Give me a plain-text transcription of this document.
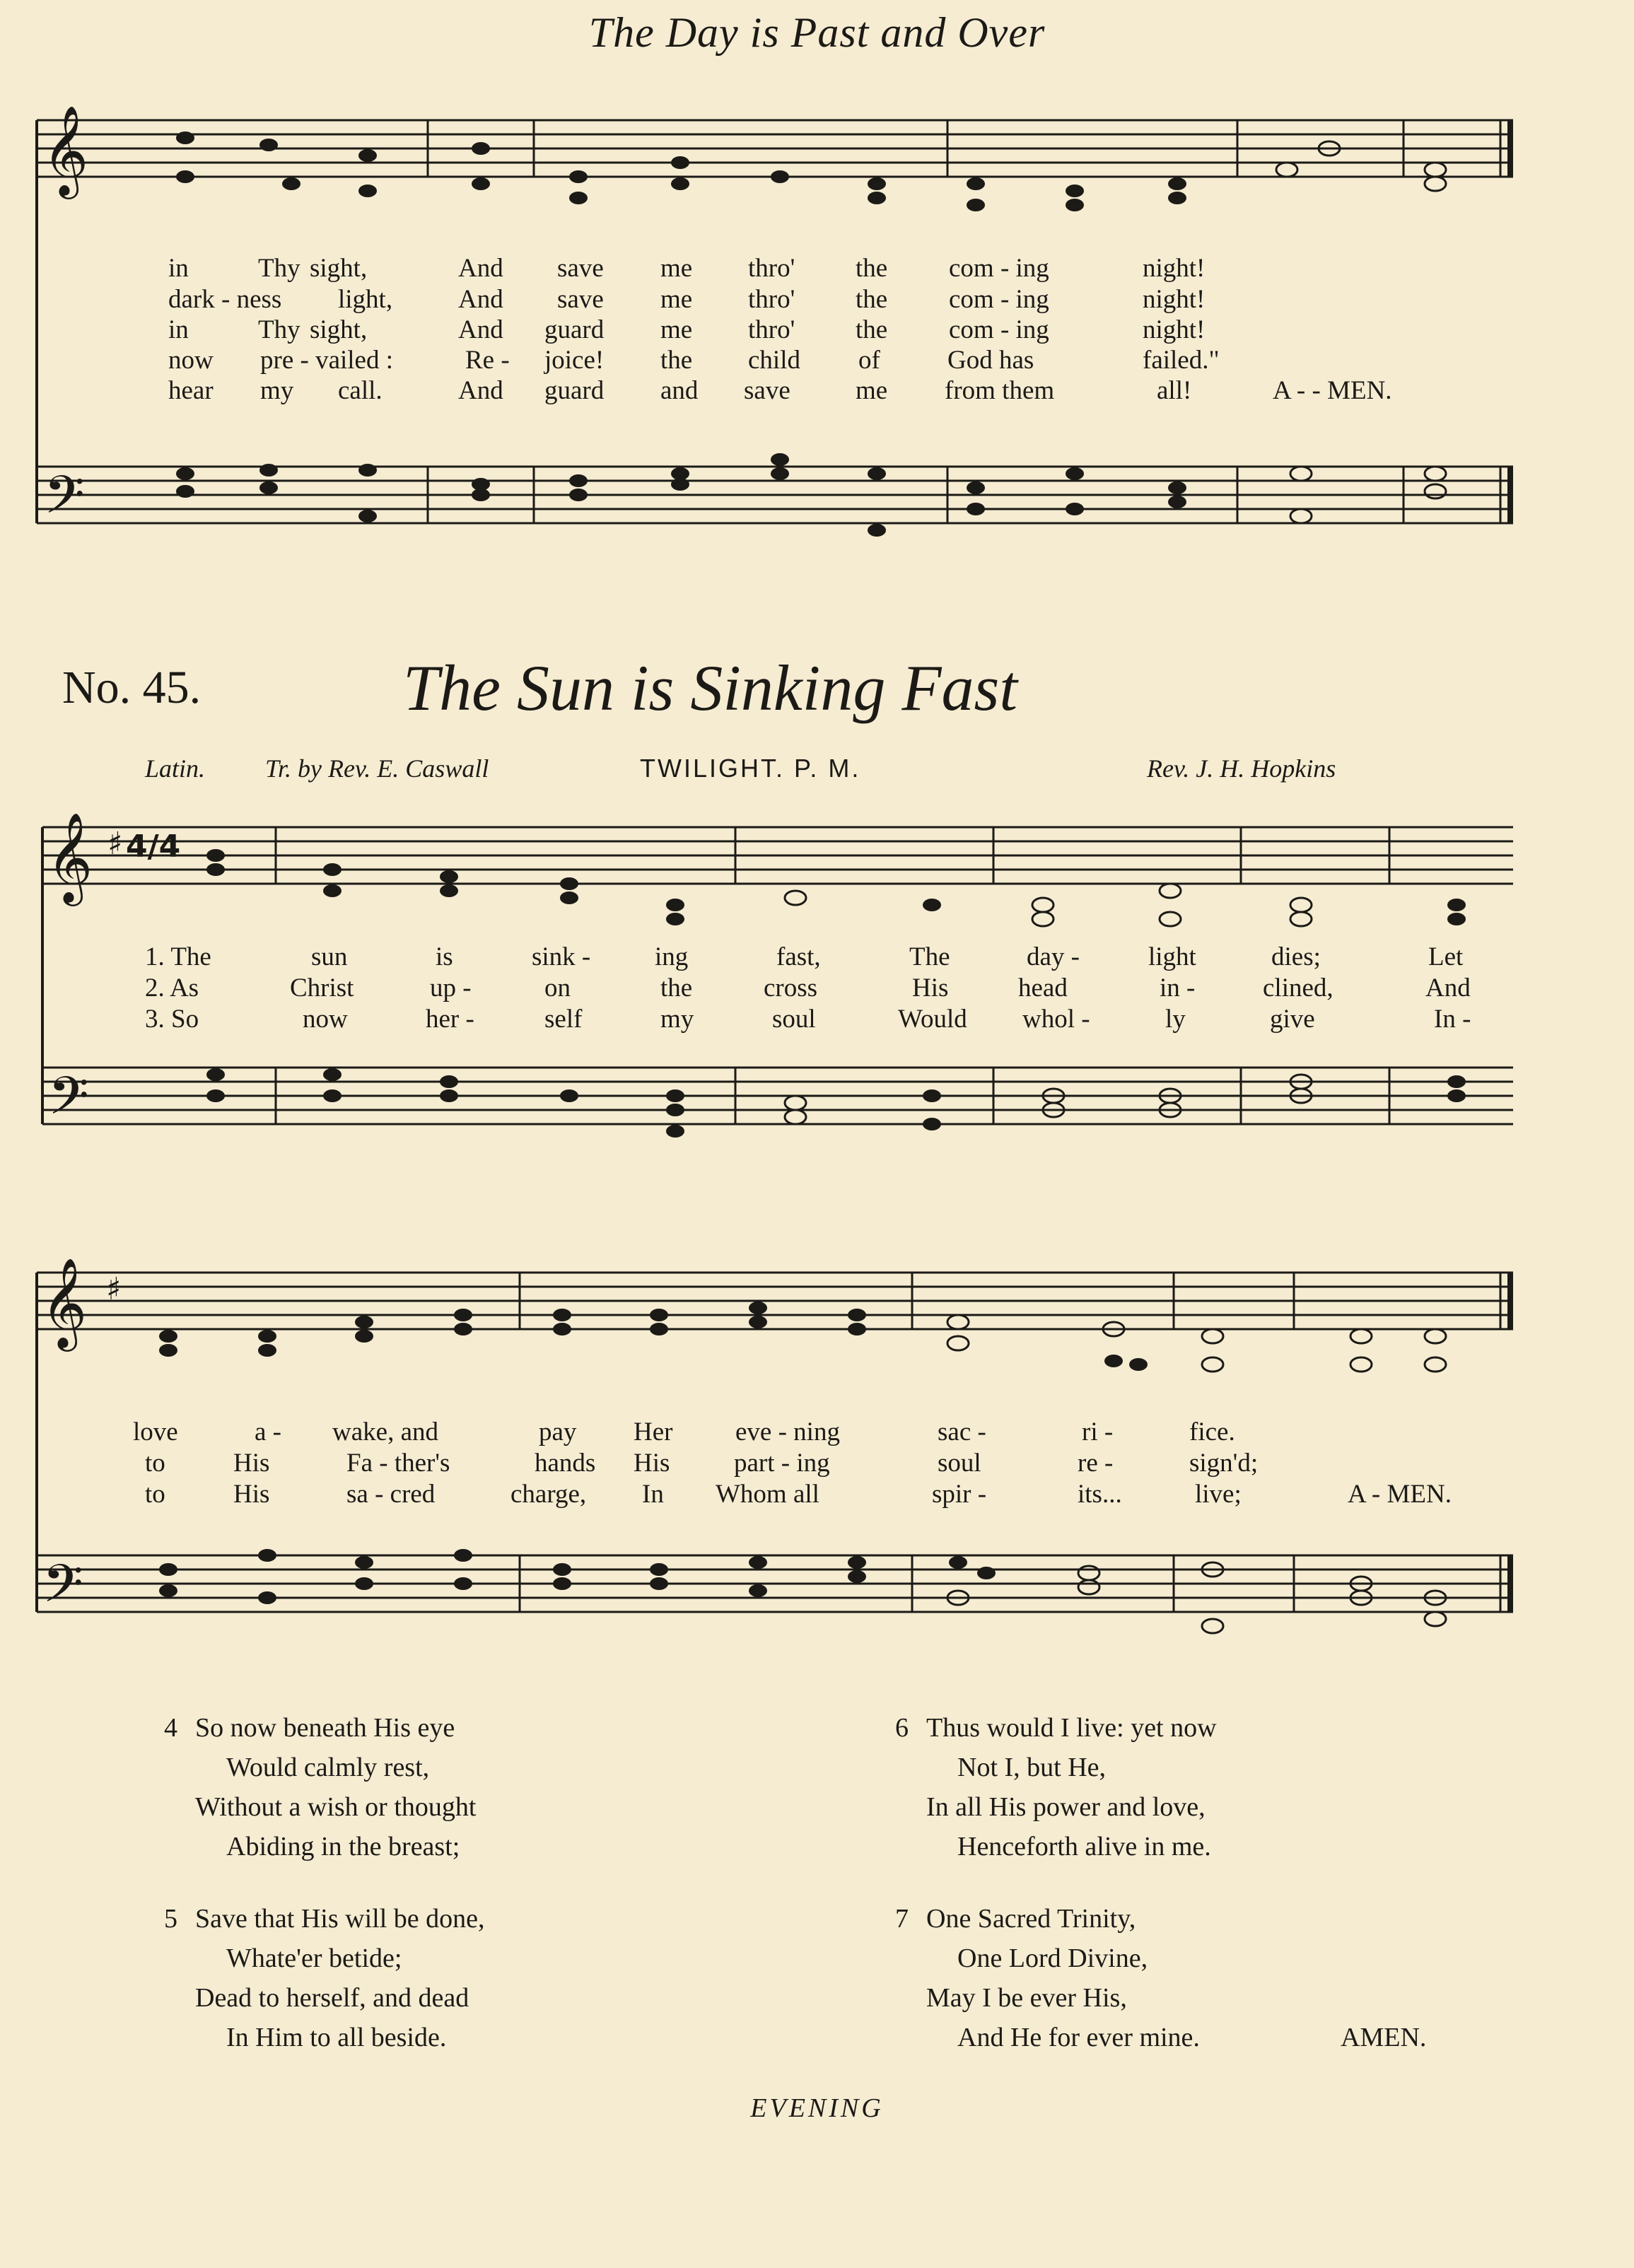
The Day is Past and Over
𝄞
𝄢
in	Thy sight,	And save me thro' the com - ing	night!
dark - ness light,	And save me thro' the com - ing	night!
in	Thy sight,	And guard me thro' the com - ing	night!
now pre - vailed :	Re - joice! the child of	God has	failed."
hear my call.	And guard and save me from them	all!	A - - MEN.
No. 45.	The Sun is Sinking Fast
Latin. Tr. by Rev. E. Caswall	TWILIGHT. P. M.	Rev. J. H. Hopkins
𝄞
𝄢
♯ 4/4
1. The	sun	is	sink - ing	fast,	The	day -	light	dies;	Let
2. As	Christ	up -	on	the	cross	His	head	in -	clined,	And
3. So	now	her -	self	my	soul	Would whol -	ly	give	In -
𝄞
𝄢
♯
love	a - wake, and	pay Her eve - ning	sac -	ri -	fice.
to	His	Fa - ther's	hands His part - ing	soul	re -	sign'd;
to	His	sa - cred	charge, In Whom all	spir -	its...	live;	A - MEN.
4 So now beneath His eye
Would calmly rest,
Without a wish or thought
Abiding in the breast;
5 Save that His will be done,
Whate'er betide;
Dead to herself, and dead
In Him to all beside.
6 Thus would I live: yet now
Not I, but He,
In all His power and love,
Henceforth alive in me.
7 One Sacred Trinity,
One Lord Divine,
May I be ever His,
And He for ever mine.	AMEN.
EVENING
